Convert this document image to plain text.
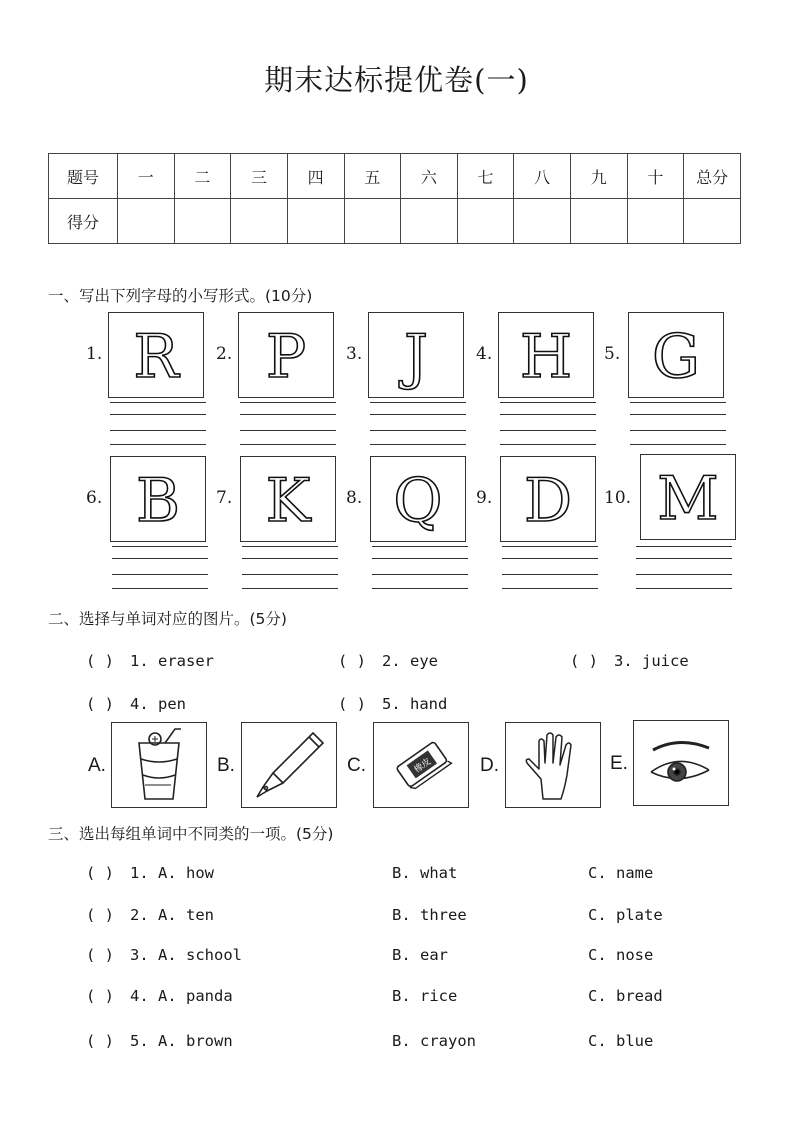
期末达标提优卷(一)
题号	一	二	三	四	五	六	七	八	九	十	总分
得分											
一、写出下列字母的小写形式。(10分)
1. R 2. P 3. J	4. H 5. G
6. B 7. K 8. Q 9. D 10. M
二、选择与单词对应的图片。(5分)
( ) 1. eraser	( ) 2. eye	( ) 3. juice
( ) 4. pen	( ) 5. hand
A.	B.	C.	橡皮 D.	E.
三、选出每组单词中不同类的一项。(5分)
( ) 1. A. how	B. what	C. name
( ) 2. A. ten	B. three	C. plate
( ) 3. A. school	B. ear	C. nose
( ) 4. A. panda	B. rice	C. bread
( ) 5. A. brown	B. crayon	C. blue
